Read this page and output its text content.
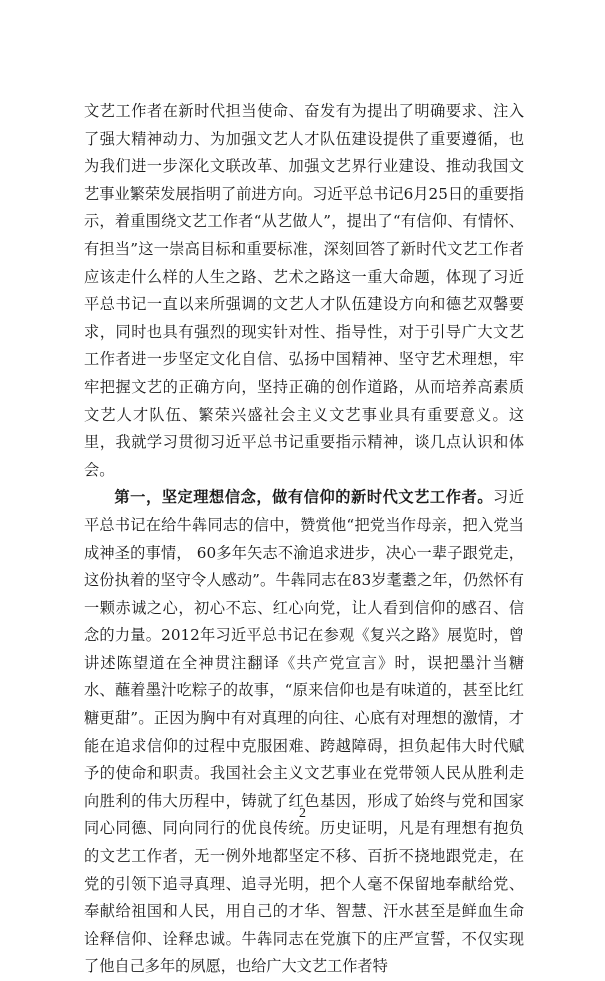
文艺工作者在新时代担当使命、奋发有为提出了明确要求、注入了强大精神动力、为加强文艺人才队伍建设提供了重要遵循，也为我们进一步深化文联改革、加强文艺界行业建设、推动我国文艺事业繁荣发展指明了前进方向。习近平总书记6月25日的重要指示，着重围绕文艺工作者“从艺做人”，提出了“有信仰、有情怀、有担当”这一崇高目标和重要标准，深刻回答了新时代文艺工作者应该走什么样的人生之路、艺术之路这一重大命题，体现了习近平总书记一直以来所强调的文艺人才队伍建设方向和德艺双馨要求，同时也具有强烈的现实针对性、指导性，对于引导广大文艺工作者进一步坚定文化自信、弘扬中国精神、坚守艺术理想，牢牢把握文艺的正确方向，坚持正确的创作道路，从而培养高素质文艺人才队伍、繁荣兴盛社会主义文艺事业具有重要意义。这里，我就学习贯彻习近平总书记重要指示精神，谈几点认识和体会。

第一，坚定理想信念，做有信仰的新时代文艺工作者。习近平总书记在给牛犇同志的信中，赞赏他“把党当作母亲，把入党当成神圣的事情， 60多年矢志不渝追求进步，决心一辈子跟党走，这份执着的坚守令人感动”。牛犇同志在83岁耄耋之年，仍然怀有一颗赤诚之心，初心不忘、红心向党，让人看到信仰的感召、信念的力量。2012年习近平总书记在参观《复兴之路》展览时，曾讲述陈望道在全神贯注翻译《共产党宣言》时，误把墨汁当糖水、蘸着墨汁吃粽子的故事，“原来信仰也是有味道的，甚至比红糖更甜”。正因为胸中有对真理的向往、心底有对理想的激情，才能在追求信仰的过程中克服困难、跨越障碍，担负起伟大时代赋予的使命和职责。我国社会主义文艺事业在党带领人民从胜利走向胜利的伟大历程中，铸就了红色基因，形成了始终与党和国家同心同德、同向同行的优良传统。历史证明，凡是有理想有抱负的文艺工作者，无一例外地都坚定不移、百折不挠地跟党走，在党的引领下追寻真理、追寻光明，把个人毫不保留地奉献给党、奉献给祖国和人民，用自己的才华、智慧、汗水甚至是鲜血生命诠释信仰、诠释忠诚。牛犇同志在党旗下的庄严宣誓，不仅实现了他自己多年的夙愿，也给广大文艺工作者特

2
